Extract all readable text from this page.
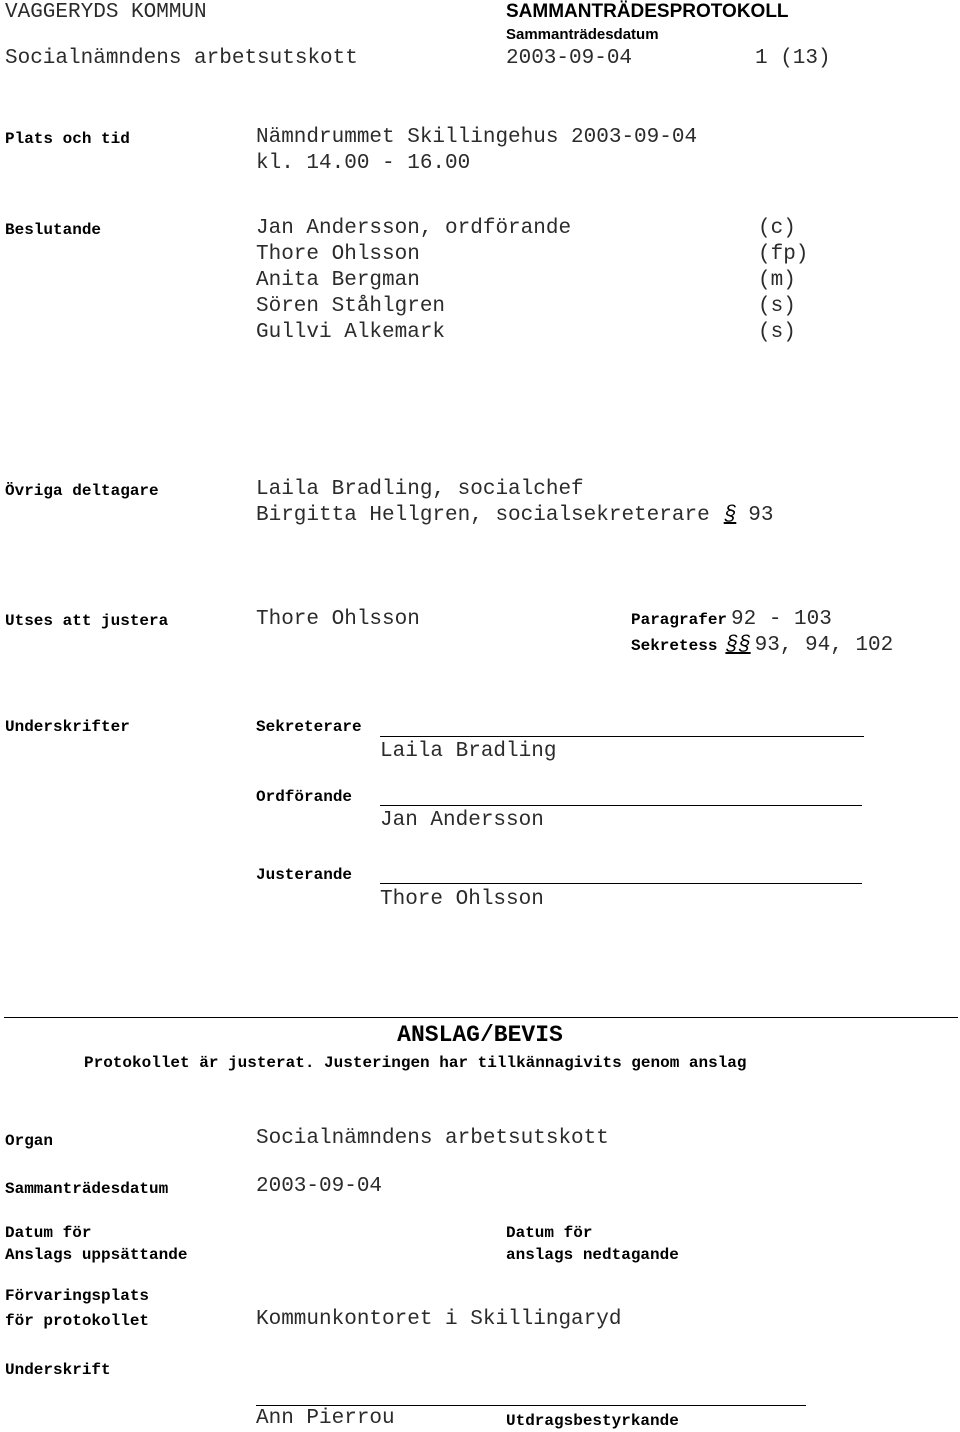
VAGGERYDS KOMMUN	SAMMANTRÄDESPROTOKOLL
Sammanträdesdatum
Socialnämndens arbetsutskott	2003-09-04	1 (13)
Plats och tid	Nämndrummet Skillingehus 2003-09-04
kl. 14.00 - 16.00
Beslutande	Jan Andersson, ordförande	(c)
Thore Ohlsson	(fp)
Anita Bergman	(m)
Sören Ståhlgren	(s)
Gullvi Alkemark	(s)
Övriga deltagare	Laila Bradling, socialchef
Birgitta Hellgren, socialsekreterare § 93
Utses att justera	Thore Ohlsson	Paragrafer 92 - 103
Sekretess §§ 93, 94, 102
Underskrifter	Sekreterare
Laila Bradling
Ordförande
Jan Andersson
Justerande
Thore Ohlsson
ANSLAG/BEVIS
Protokollet är justerat. Justeringen har tillkännagivits genom anslag
Organ	Socialnämndens arbetsutskott
Sammanträdesdatum	2003-09-04
Datum för
Anslags uppsättande
Datum för
anslags nedtagande
Förvaringsplats
för protokollet	Kommunkontoret i Skillingaryd
Underskrift
Ann Pierrou	Utdragsbestyrkande
